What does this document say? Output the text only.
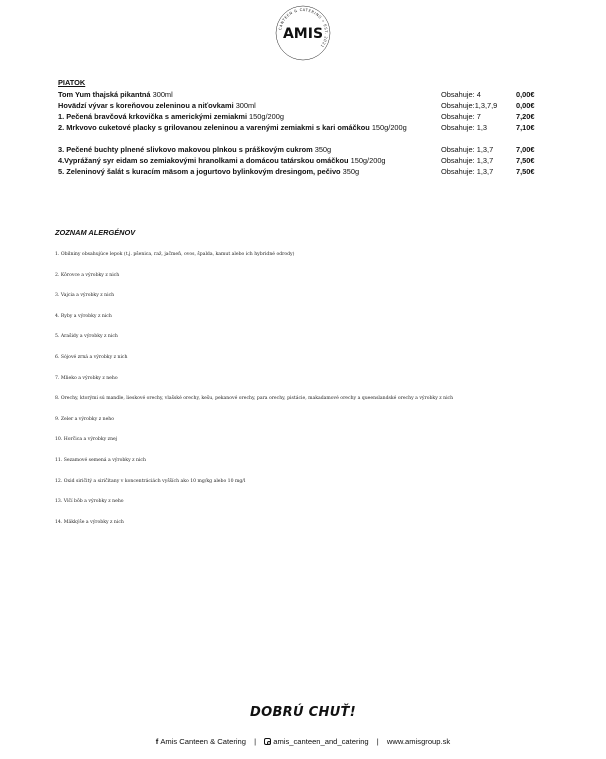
CANTEEN & CATERING • EST. 2021
AMIS
PIATOK
Tom Yum thajská pikantná 300ml	Obsahuje: 4	0,00€
Hovädzí vývar s koreňovou zeleninou a niťovkami 300ml	Obsahuje:1,3,7,9	0,00€
1. Pečená bravčová krkovička s americkými zemiakmi 150g/200g	Obsahuje: 7	7,20€
2. Mrkvovo cuketové placky s grilovanou zeleninou a varenými zemiakmi s kari omáčkou 150g/200g	Obsahuje: 1,3	7,10€
3. Pečené buchty plnené slivkovo makovou plnkou s práškovým cukrom 350g	Obsahuje: 1,3,7	7,00€
4.Vyprážaný syr eidam so zemiakovými hranolkami a domácou tatárskou omáčkou 150g/200g	Obsahuje: 1,3,7	7,50€
5. Zeleninový šalát s kuracím mäsom a jogurtovo bylinkovým dresingom, pečivo 350g	Obsahuje: 1,3,7	7,50€
ZOZNAM ALERGÉNOV
1. Obilniny obsahujúce lepok (t.j. pšenica, raž, jačmeň, ovos, špalda, kamut alebo ich hybridné odrody)
2. Kôrovce a výrobky z nich
3. Vajcia a výrobky z nich
4. Ryby a výrobky z nich
5. Arašidy a výrobky z nich
6. Sójové zrná a výrobky z nich
7. Mlieko a výrobky z neho
8. Orechy, ktorými sú mandle, lieskové orechy, vlašské orechy, kešu, pekanové orechy, para orechy, pistácie, makadamové orechy a queenslandské orechy a výrobky z nich
9. Zeler a výrobky z neho
10. Horčica a výrobky zneј
11. Sezamové semená a výrobky z nich
12. Oxid siričitý a siričitany v koncentráciách vyšších ako 10 mg/kg alebo 10 mg/l
13. Vlčí bôb a výrobky z neho
14. Mäkkýše a výrobky z nich
DOBRÚ CHUŤ!
f Amis Canteen & Catering | amis_canteen_and_catering | www.amisgroup.sk
